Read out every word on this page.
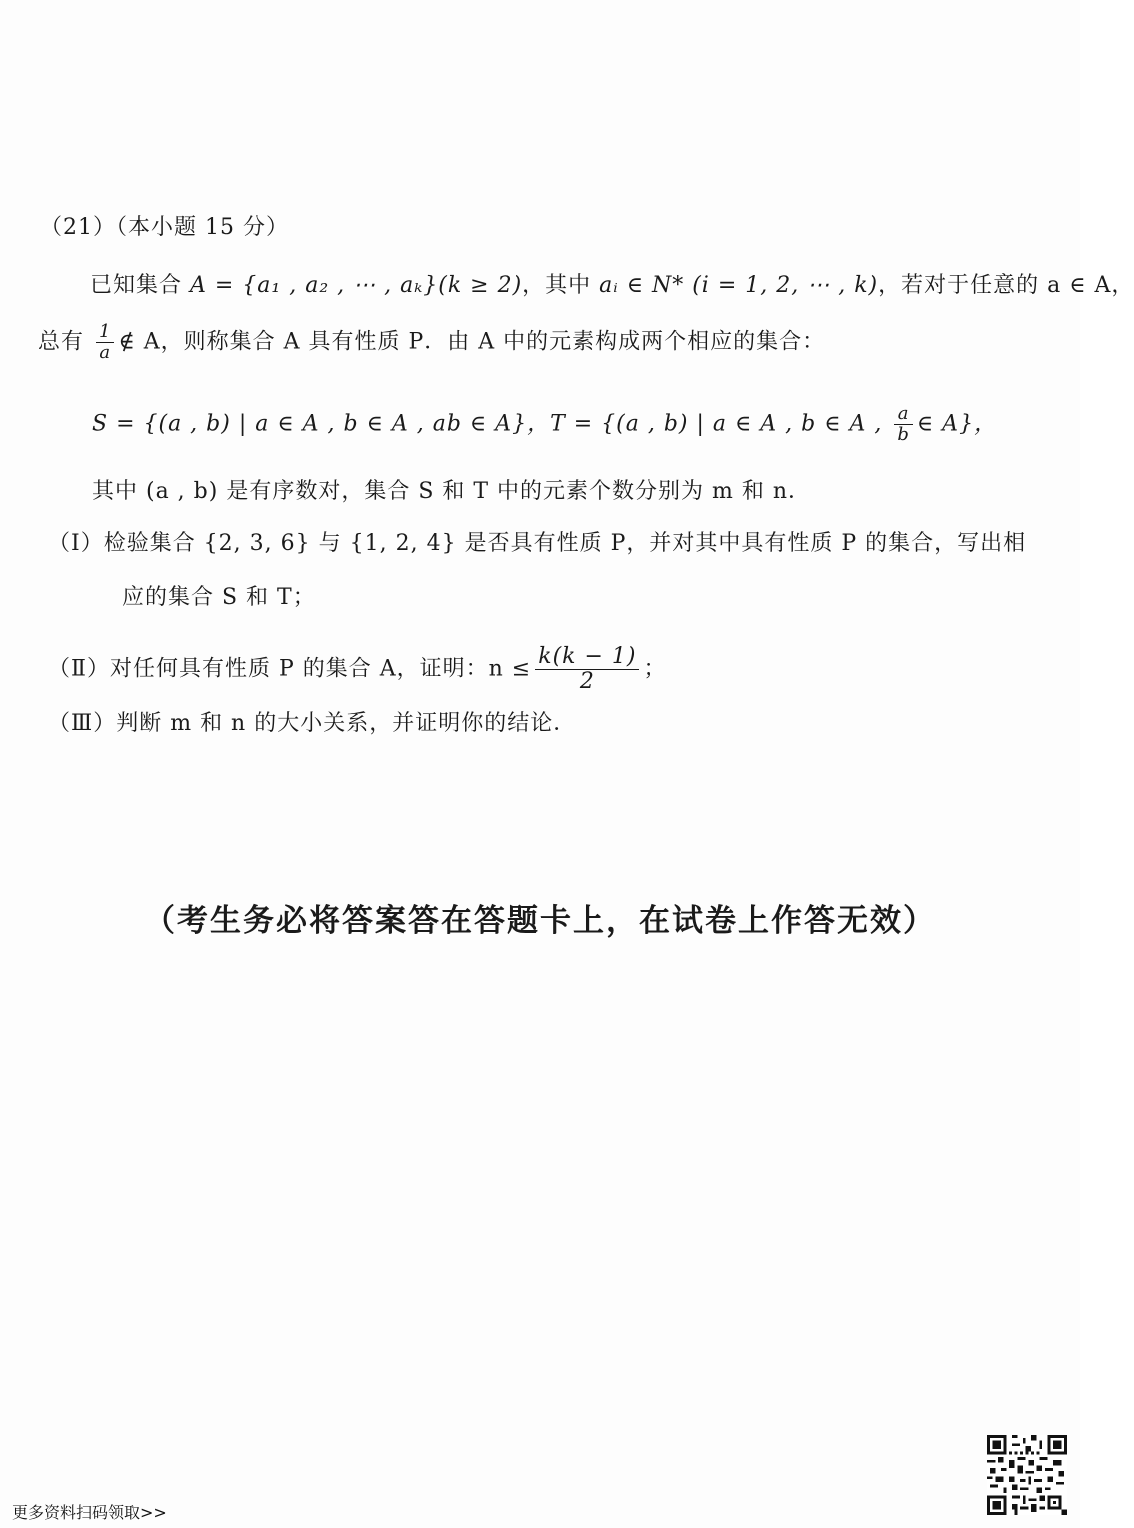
（21）（本小题 15 分）
已知集合 A = {a₁ , a₂ , ⋯ , aₖ}(k ≥ 2)，其中 aᵢ ∈ N* (i = 1, 2, ⋯ , k)，若对于任意的 a ∈ A，
总有 $\frac{1}{a}$ ∉ A，则称集合 A 具有性质 P．由 A 中的元素构成两个相应的集合：
S = {(a , b) | a ∈ A , b ∈ A , ab ∈ A}，T = {(a , b) | a ∈ A , b ∈ A , $\frac{a}{b}$ ∈ A}，
其中 (a , b) 是有序数对，集合 S 和 T 中的元素个数分别为 m 和 n．
（Ⅰ）检验集合 {2, 3, 6} 与 {1, 2, 4} 是否具有性质 P，并对其中具有性质 P 的集合，写出相
应的集合 S 和 T；
（Ⅱ）对任何具有性质 P 的集合 A，证明：$n \le \frac{k(k - 1)}{2}$ ；
（Ⅲ）判断 m 和 n 的大小关系，并证明你的结论．
（考生务必将答案答在答题卡上，在试卷上作答无效）
更多资料扫码领取>>
